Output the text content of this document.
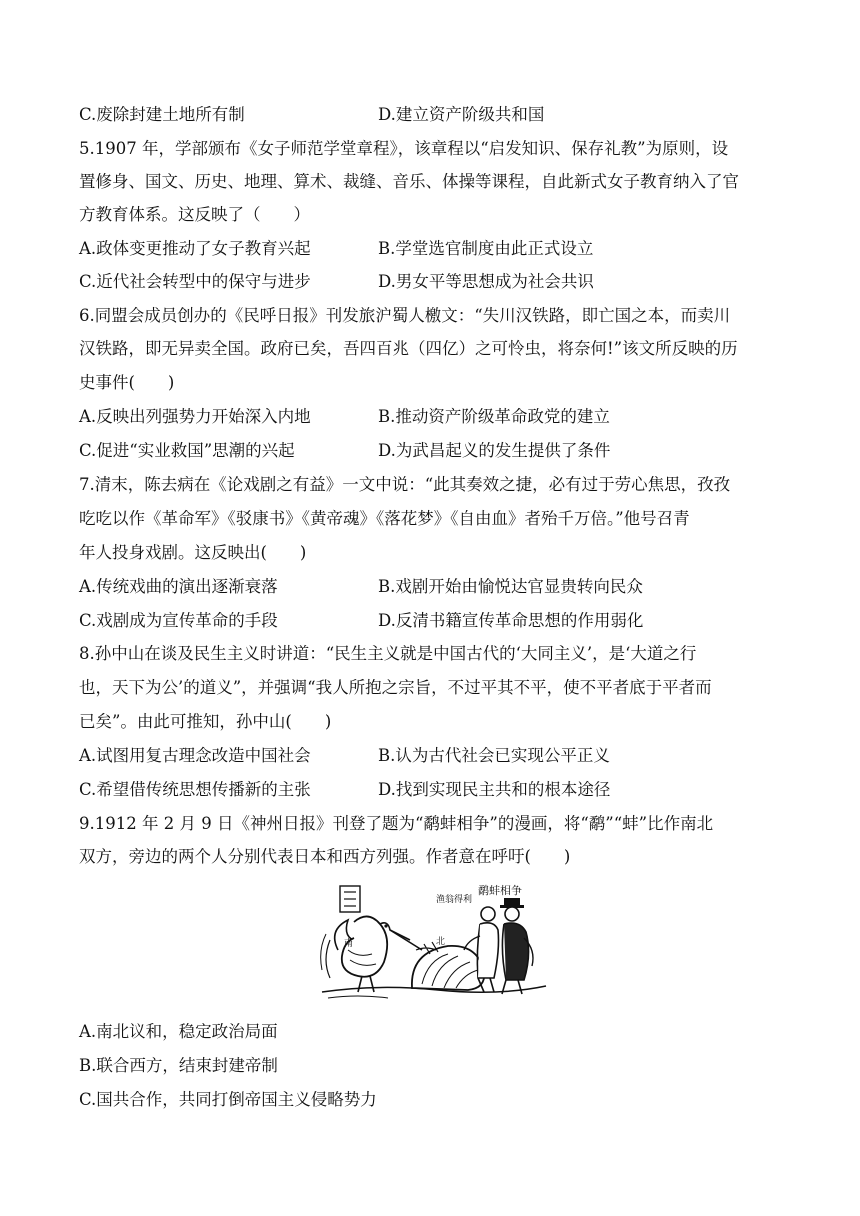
C.废除封建土地所有制	D.建立资产阶级共和国
5.1907 年，学部颁布《女子师范学堂章程》，该章程以“启发知识、保存礼教”为原则，设
置修身、国文、历史、地理、算术、裁缝、音乐、体操等课程，自此新式女子教育纳入了官
方教育体系。这反映了（　　）
A.政体变更推动了女子教育兴起	B.学堂选官制度由此正式设立
C.近代社会转型中的保守与进步	D.男女平等思想成为社会共识
6.同盟会成员创办的《民呼日报》刊发旅沪蜀人檄文：“失川汉铁路，即亡国之本，而卖川
汉铁路，即无异卖全国。政府已矣，吾四百兆（四亿）之可怜虫，将奈何!”该文所反映的历
史事件(　　)
A.反映出列强势力开始深入内地	B.推动资产阶级革命政党的建立
C.促进“实业救国”思潮的兴起	D.为武昌起义的发生提供了条件
7.清末，陈去病在《论戏剧之有益》一文中说：“此其奏效之捷，必有过于劳心焦思，孜孜
吃吃以作《革命军》《驳康书》《黄帝魂》《落花梦》《自由血》者殆千万倍。”他号召青
年人投身戏剧。这反映出(　　)
A.传统戏曲的演出逐渐衰落	B.戏剧开始由愉悦达官显贵转向民众
C.戏剧成为宣传革命的手段	D.反清书籍宣传革命思想的作用弱化
8.孙中山在谈及民生主义时讲道：“民生主义就是中国古代的‘大同主义’，是‘大道之行
也，天下为公’的道义”，并强调“我人所抱之宗旨，不过平其不平，使不平者底于平者而
已矣”。由此可推知，孙中山(　　)
A.试图用复古理念改造中国社会	B.认为古代社会已实现公平正义
C.希望借传统思想传播新的主张	D.找到实现民主共和的根本途径
9.1912 年 2 月 9 日《神州日报》刊登了题为“鹬蚌相争”的漫画，将“鹬”“蚌”比作南北
双方，旁边的两个人分别代表日本和西方列强。作者意在呼吁(　　)
鹬蚌相争
渔翁得利
南	北
A.南北议和，稳定政治局面
B.联合西方，结束封建帝制
C.国共合作，共同打倒帝国主义侵略势力
